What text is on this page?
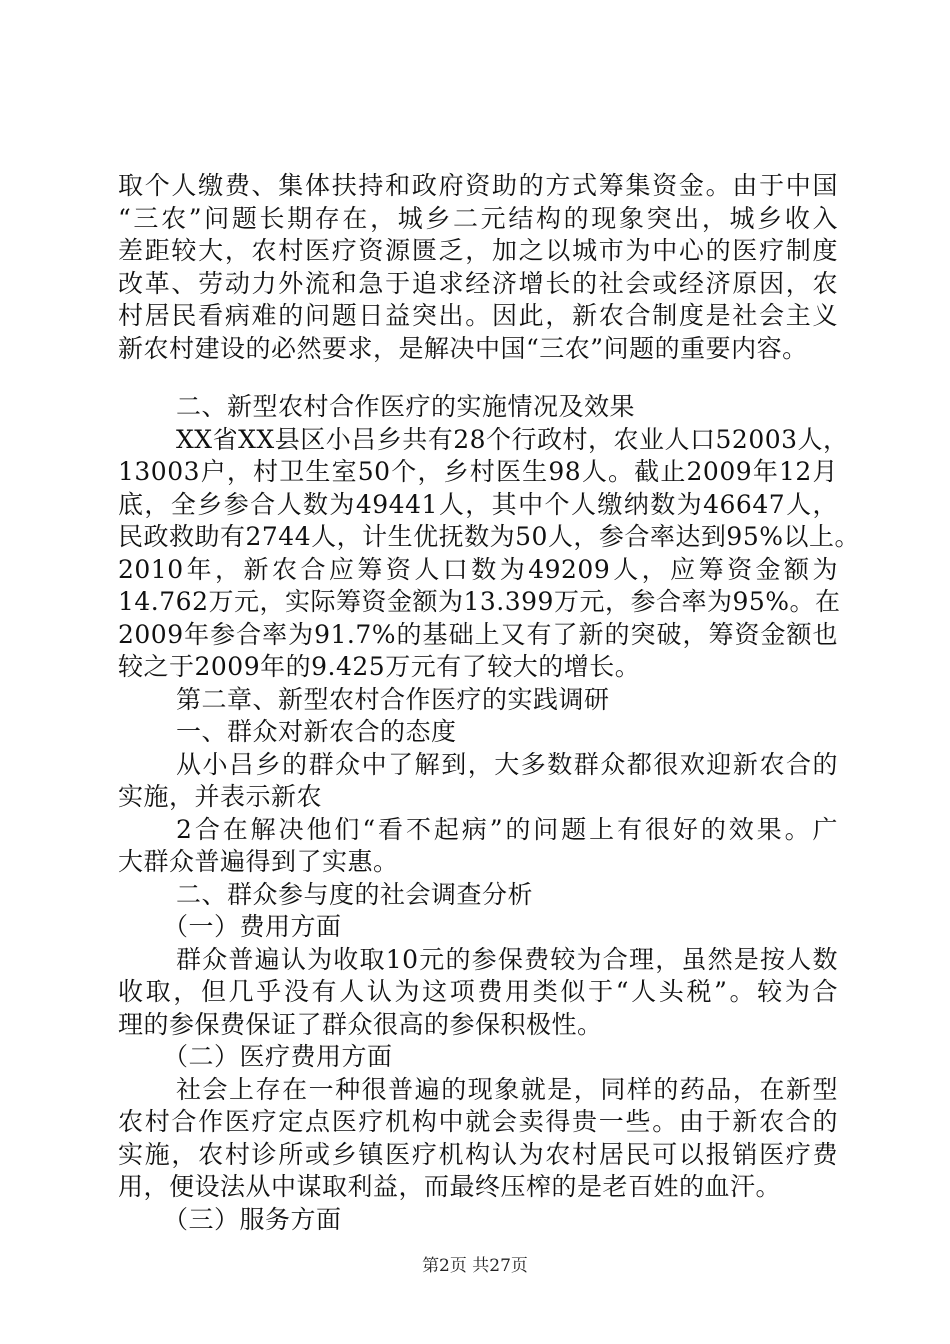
取个人缴费、集体扶持和政府资助的方式筹集资金。由于中国
“三农”问题长期存在，城乡二元结构的现象突出，城乡收入
差距较大，农村医疗资源匮乏，加之以城市为中心的医疗制度
改革、劳动力外流和急于追求经济增长的社会或经济原因，农
村居民看病难的问题日益突出。因此，新农合制度是社会主义
新农村建设的必然要求，是解决中国“三农”问题的重要内容。
二、新型农村合作医疗的实施情况及效果
XX省XX县区小吕乡共有28个行政村，农业人口52003人，
13003户，村卫生室50个，乡村医生98人。截止2009年12月
底，全乡参合人数为49441人，其中个人缴纳数为46647人，
民政救助有2744人，计生优抚数为50人，参合率达到95%以上。
2010年，新农合应筹资人口数为49209人，应筹资金额为
14.762万元，实际筹资金额为13.399万元，参合率为95%。在
2009年参合率为91.7%的基础上又有了新的突破，筹资金额也
较之于2009年的9.425万元有了较大的增长。
第二章、新型农村合作医疗的实践调研
一、群众对新农合的态度
从小吕乡的群众中了解到，大多数群众都很欢迎新农合的
实施，并表示新农
2合在解决他们“看不起病”的问题上有很好的效果。广
大群众普遍得到了实惠。
二、群众参与度的社会调查分析
（一）费用方面
群众普遍认为收取10元的参保费较为合理，虽然是按人数
收取，但几乎没有人认为这项费用类似于“人头税”。较为合
理的参保费保证了群众很高的参保积极性。
（二）医疗费用方面
社会上存在一种很普遍的现象就是，同样的药品，在新型
农村合作医疗定点医疗机构中就会卖得贵一些。由于新农合的
实施，农村诊所或乡镇医疗机构认为农村居民可以报销医疗费
用，便设法从中谋取利益，而最终压榨的是老百姓的血汗。
（三）服务方面
第2页 共27页
